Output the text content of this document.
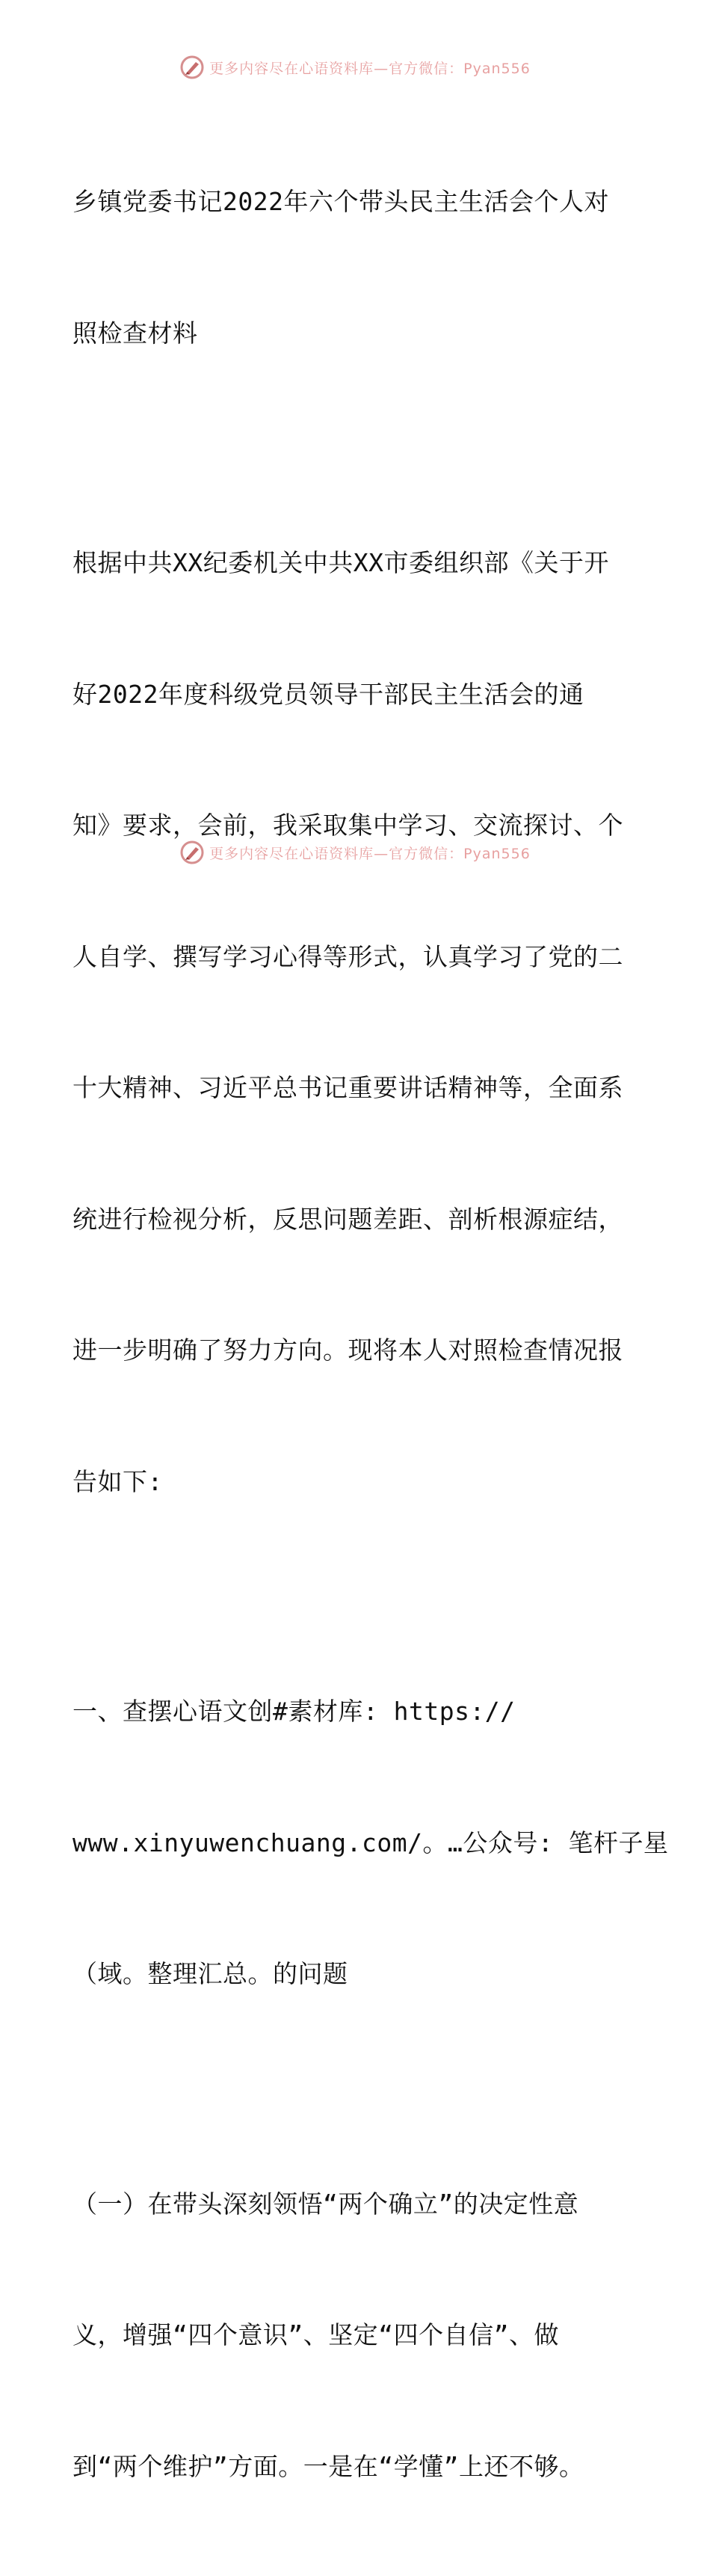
更多内容尽在心语资料库—官方微信：Pyan556

乡镇党委书记2022年六个带头民主生活会个人对

照检查材料

根据中共XX纪委机关中共XX市委组织部《关于开

好2022年度科级党员领导干部民主生活会的通

知》要求，会前，我采取集中学习、交流探讨、个

人自学、撰写学习心得等形式，认真学习了党的二

十大精神、习近平总书记重要讲话精神等，全面系

统进行检视分析，反思问题差距、剖析根源症结，

进一步明确了努力方向。现将本人对照检查情况报

告如下:

一、查摆心语文创#素材库: https://

www.xinyuwenchuang.com/。…公众号: 笔杆子星

（域。整理汇总。的问题

（一）在带头深刻领悟“两个确立”的决定性意

义，增强“四个意识”、坚定“四个自信”、做

到“两个维护”方面。一是在“学懂”上还不够。

更多内容尽在心语资料库—官方微信：Pyan556
